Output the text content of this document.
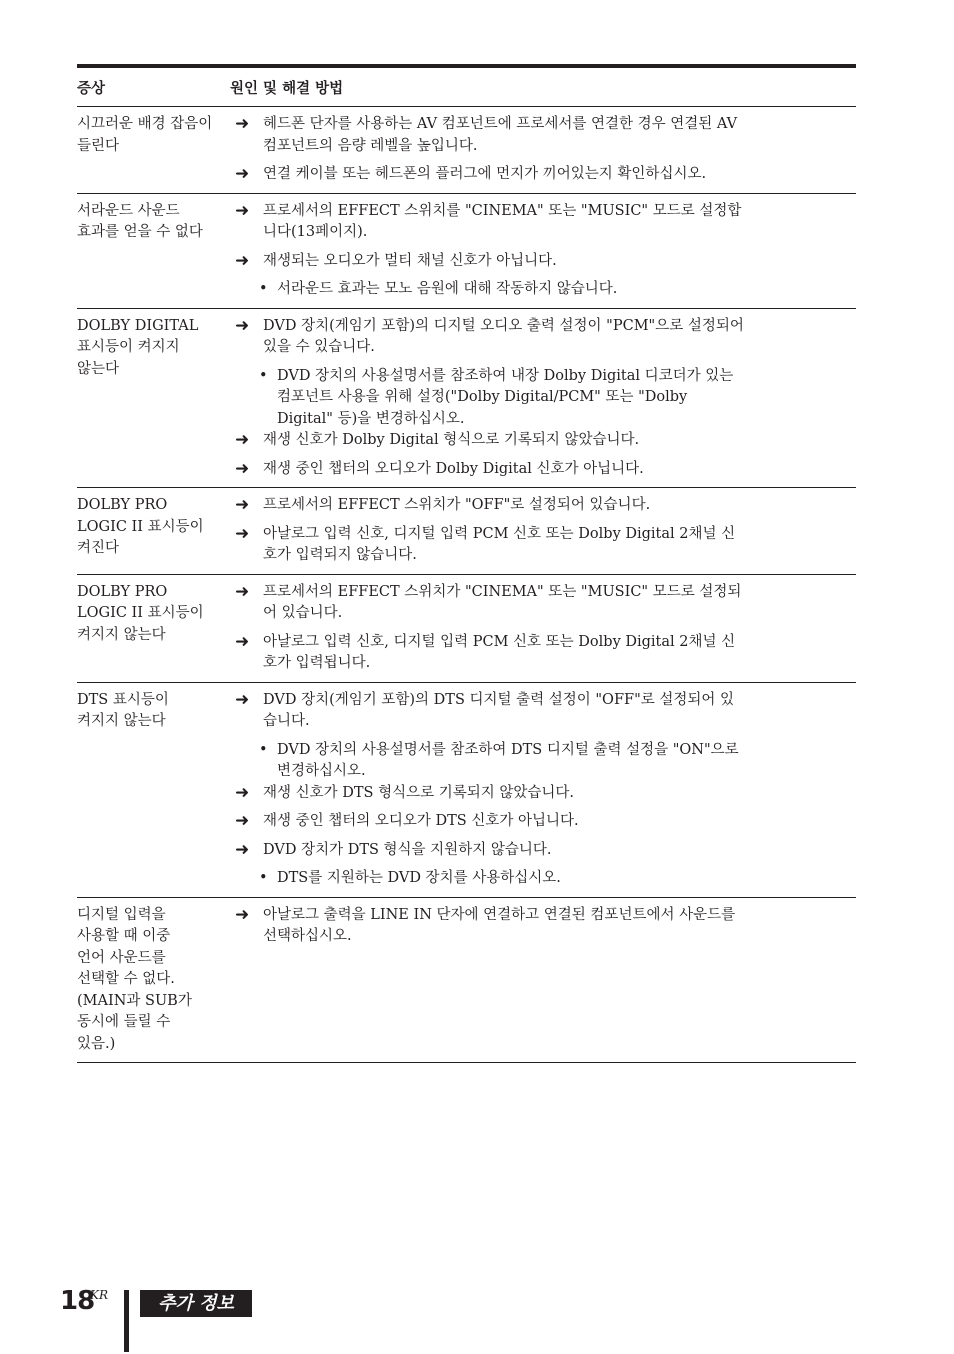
증상	원인 및 해결 방법
시끄러운 배경 잡음이
들린다
➜ 헤드폰 단자를 사용하는 AV 컴포넌트에 프로세서를 연결한 경우 연결된 AV
컴포넌트의 음량 레벨을 높입니다.
➜ 연결 케이블 또는 헤드폰의 플러그에 먼지가 끼어있는지 확인하십시오.
서라운드 사운드
효과를 얻을 수 없다
➜ 프로세서의 EFFECT 스위치를 "CINEMA" 또는 "MUSIC" 모드로 설정합
니다(13페이지).
➜ 재생되는 오디오가 멀티 채널 신호가 아닙니다.
• 서라운드 효과는 모노 음원에 대해 작동하지 않습니다.
DOLBY DIGITAL
표시등이 켜지지
않는다
➜ DVD 장치(게임기 포함)의 디지털 오디오 출력 설정이 "PCM"으로 설정되어
있을 수 있습니다.
• DVD 장치의 사용설명서를 참조하여 내장 Dolby Digital 디코더가 있는
컴포넌트 사용을 위해 설정("Dolby Digital/PCM" 또는 "Dolby
Digital" 등)을 변경하십시오.
➜ 재생 신호가 Dolby Digital 형식으로 기록되지 않았습니다.
➜ 재생 중인 챕터의 오디오가 Dolby Digital 신호가 아닙니다.
DOLBY PRO
LOGIC II 표시등이
켜진다
➜ 프로세서의 EFFECT 스위치가 "OFF"로 설정되어 있습니다.
➜ 아날로그 입력 신호, 디지털 입력 PCM 신호 또는 Dolby Digital 2채널 신
호가 입력되지 않습니다.
DOLBY PRO
LOGIC II 표시등이
켜지지 않는다
➜ 프로세서의 EFFECT 스위치가 "CINEMA" 또는 "MUSIC" 모드로 설정되
어 있습니다.
➜ 아날로그 입력 신호, 디지털 입력 PCM 신호 또는 Dolby Digital 2채널 신
호가 입력됩니다.
DTS 표시등이
켜지지 않는다
➜ DVD 장치(게임기 포함)의 DTS 디지털 출력 설정이 "OFF"로 설정되어 있
습니다.
• DVD 장치의 사용설명서를 참조하여 DTS 디지털 출력 설정을 "ON"으로
변경하십시오.
➜ 재생 신호가 DTS 형식으로 기록되지 않았습니다.
➜ 재생 중인 챕터의 오디오가 DTS 신호가 아닙니다.
➜ DVD 장치가 DTS 형식을 지원하지 않습니다.
• DTS를 지원하는 DVD 장치를 사용하십시오.
디지털 입력을
사용할 때 이중
언어 사운드를
선택할 수 없다.
(MAIN과 SUB가
동시에 들릴 수
있음.)
➜ 아날로그 출력을 LINE IN 단자에 연결하고 연결된 컴포넌트에서 사운드를
선택하십시오.
18
KR	추가 정보
